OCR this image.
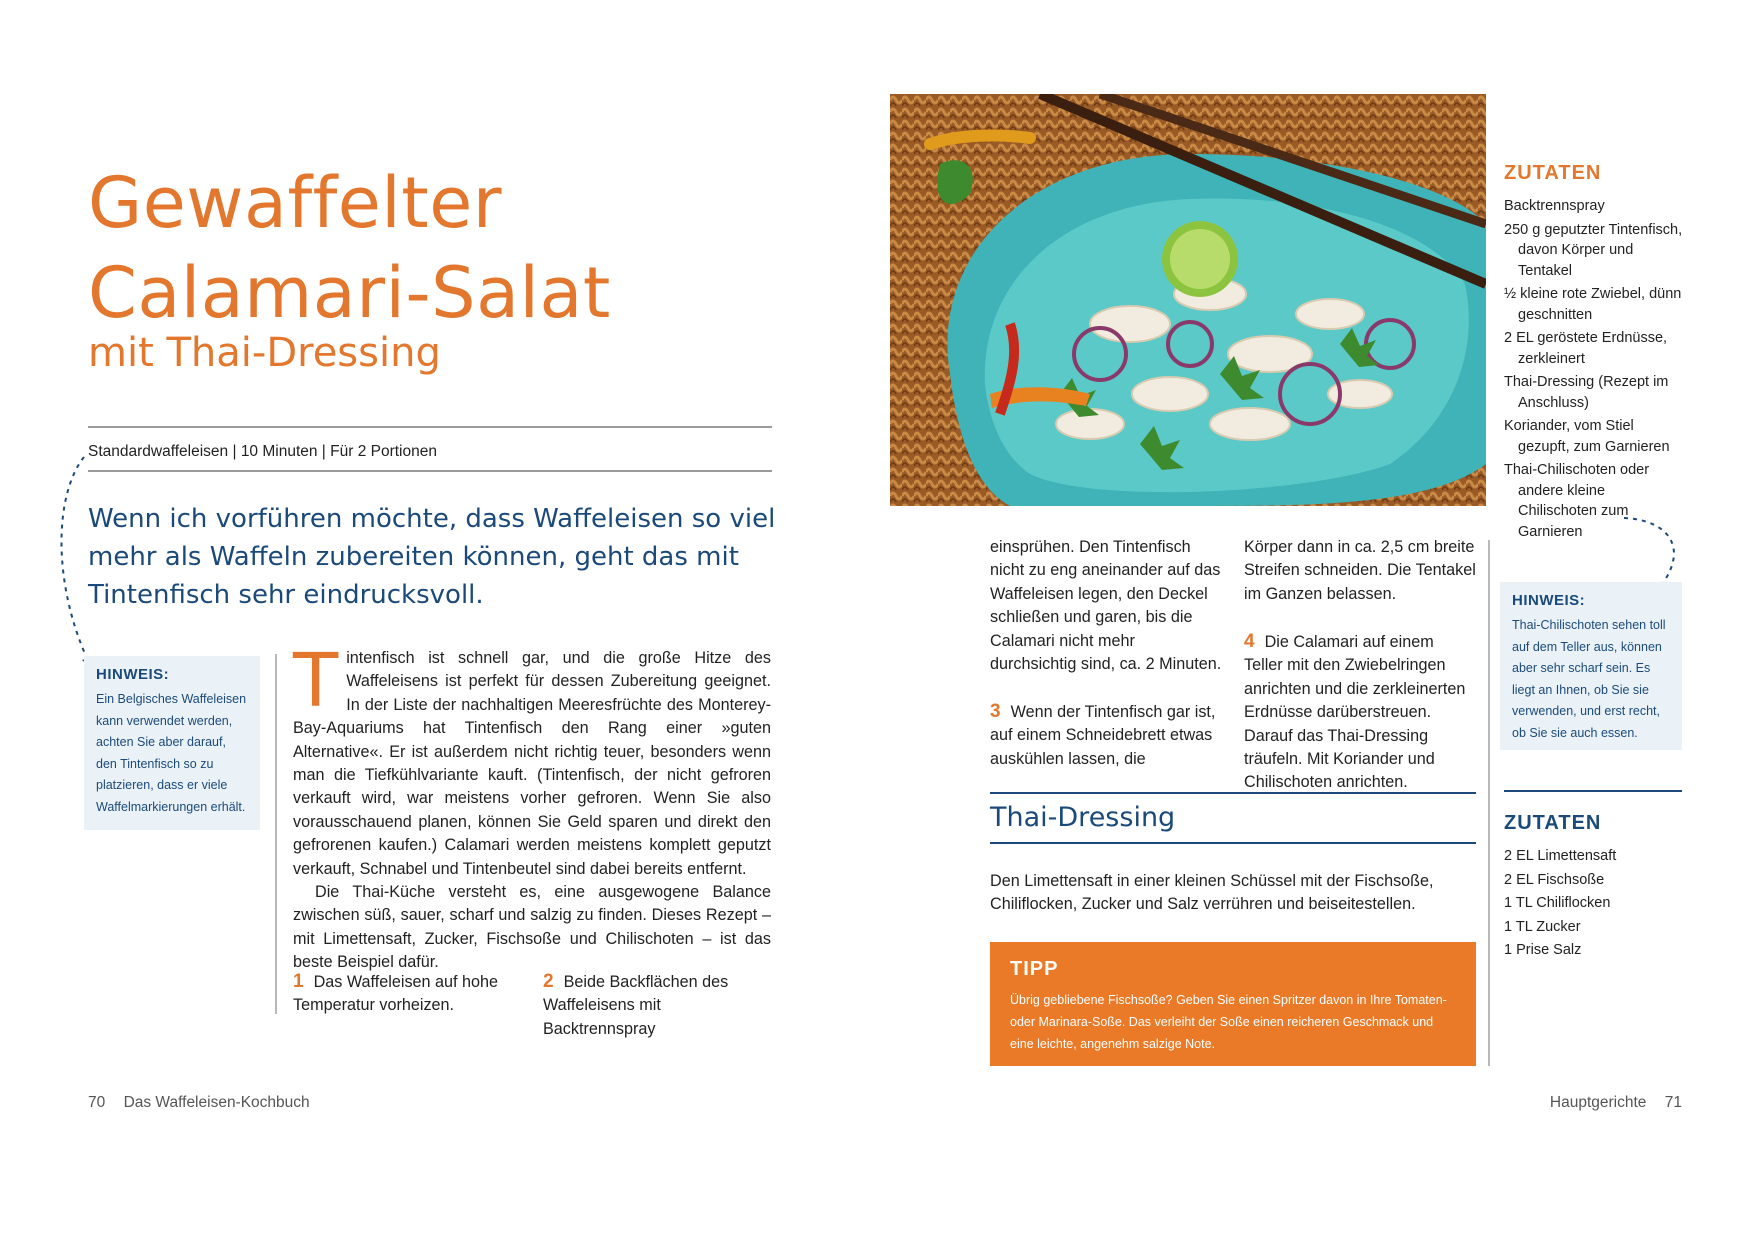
Gewaffelter
Calamari-Salat
mit Thai-Dressing
Standardwaffeleisen | 10 Minuten | Für 2 Portionen
Wenn ich vorführen möchte, dass Waffeleisen so viel mehr als Waffeln zubereiten können, geht das mit Tintenfisch sehr eindrucksvoll.
HINWEIS:
Ein Belgisches Waffeleisen kann verwendet werden, achten Sie aber darauf, den Tintenfisch so zu platzieren, dass er viele Waffelmarkierungen erhält.
T intenfisch ist schnell gar, und die große Hitze des Waffeleisens ist perfekt für dessen Zubereitung geeignet. In der Liste der nachhaltigen Meeresfrüchte des Monterey-Bay-Aquariums hat Tintenfisch den Rang einer »guten Alternative«. Er ist außerdem nicht richtig teuer, besonders wenn man die Tiefkühlvariante kauft. (Tintenfisch, der nicht gefroren verkauft wird, war meistens vorher gefroren. Wenn Sie also vorausschauend planen, können Sie Geld sparen und direkt den gefrorenen kaufen.) Calamari werden meistens komplett geputzt verkauft, Schnabel und Tintenbeutel sind dabei bereits entfernt.
Die Thai-Küche versteht es, eine ausgewogene Balance zwischen süß, sauer, scharf und salzig zu finden. Dieses Rezept – mit Limettensaft, Zucker, Fischsoße und Chilischoten – ist das beste Beispiel dafür.
1 Das Waffeleisen auf hohe Temperatur vorheizen.
2 Beide Backflächen des Waffeleisens mit Backtrennspray
einsprühen. Den Tintenfisch nicht zu eng aneinander auf das Waffeleisen legen, den Deckel schließen und garen, bis die Calamari nicht mehr durchsichtig sind, ca. 2 Minuten.
3 Wenn der Tintenfisch gar ist, auf einem Schneidebrett etwas auskühlen lassen, die
Körper dann in ca. 2,5 cm breite Streifen schneiden. Die Tentakel im Ganzen belassen.
4 Die Calamari auf einem Teller mit den Zwiebelringen anrichten und die zerkleinerten Erdnüsse darüberstreuen. Darauf das Thai-Dressing träufeln. Mit Koriander und Chilischoten anrichten.
Thai-Dressing
Den Limettensaft in einer kleinen Schüssel mit der Fischsoße, Chiliflocken, Zucker und Salz verrühren und beiseitestellen.
TIPP
Übrig gebliebene Fischsoße? Geben Sie einen Spritzer davon in Ihre Tomaten- oder Marinara-Soße. Das verleiht der Soße einen reicheren Geschmack und eine leichte, angenehm salzige Note.
ZUTATEN
Backtrennspray
250 g geputzter Tintenfisch, davon Körper und Tentakel
½ kleine rote Zwiebel, dünn geschnitten
2 EL geröstete Erdnüsse, zerkleinert
Thai-Dressing (Rezept im Anschluss)
Koriander, vom Stiel gezupft, zum Garnieren
Thai-Chilischoten oder andere kleine Chilischoten zum Garnieren
HINWEIS:
Thai-Chilischoten sehen toll auf dem Teller aus, können aber sehr scharf sein. Es liegt an Ihnen, ob Sie sie verwenden, und erst recht, ob Sie sie auch essen.
ZUTATEN
2 EL Limettensaft
2 EL Fischsoße
1 TL Chiliflocken
1 TL Zucker
1 Prise Salz
70 Das Waffeleisen-Kochbuch	Hauptgerichte 71
